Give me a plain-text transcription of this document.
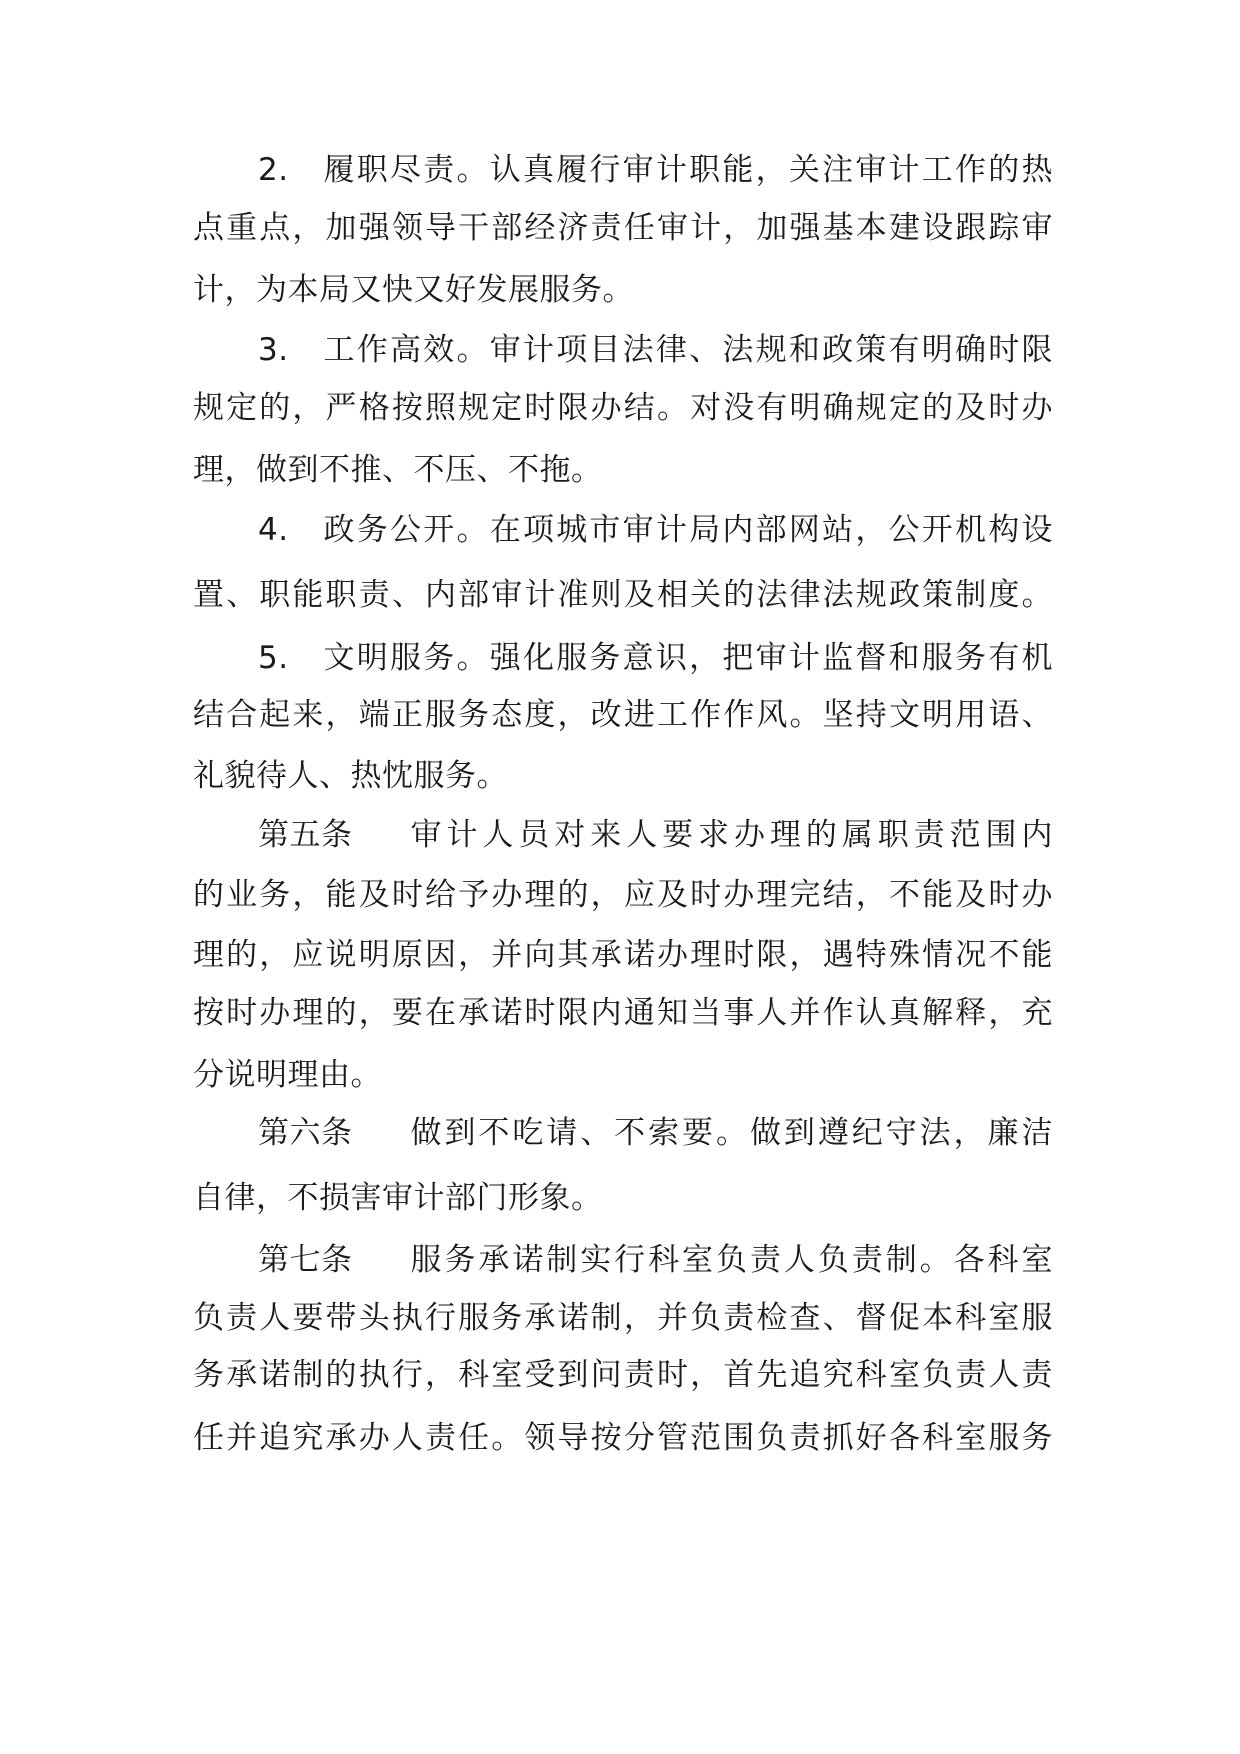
2.　履职尽责。认真履行审计职能，关注审计工作的热
点重点，加强领导干部经济责任审计，加强基本建设跟踪审
计，为本局又快又好发展服务。
3.　工作高效。审计项目法律、法规和政策有明确时限
规定的，严格按照规定时限办结。对没有明确规定的及时办
理，做到不推、不压、不拖。
4.　政务公开。在项城市审计局内部网站，公开机构设
置、职能职责、内部审计准则及相关的法律法规政策制度。
5.　文明服务。强化服务意识，把审计监督和服务有机
结合起来，端正服务态度，改进工作作风。坚持文明用语、
礼貌待人、热忱服务。
第五条 审计人员对来人要求办理的属职责范围内
的业务，能及时给予办理的，应及时办理完结，不能及时办
理的，应说明原因，并向其承诺办理时限，遇特殊情况不能
按时办理的，要在承诺时限内通知当事人并作认真解释，充
分说明理由。
第六条 做到不吃请、不索要。做到遵纪守法，廉洁
自律，不损害审计部门形象。
第七条 服务承诺制实行科室负责人负责制。各科室
负责人要带头执行服务承诺制，并负责检查、督促本科室服
务承诺制的执行，科室受到问责时，首先追究科室负责人责
任并追究承办人责任。领导按分管范围负责抓好各科室服务
